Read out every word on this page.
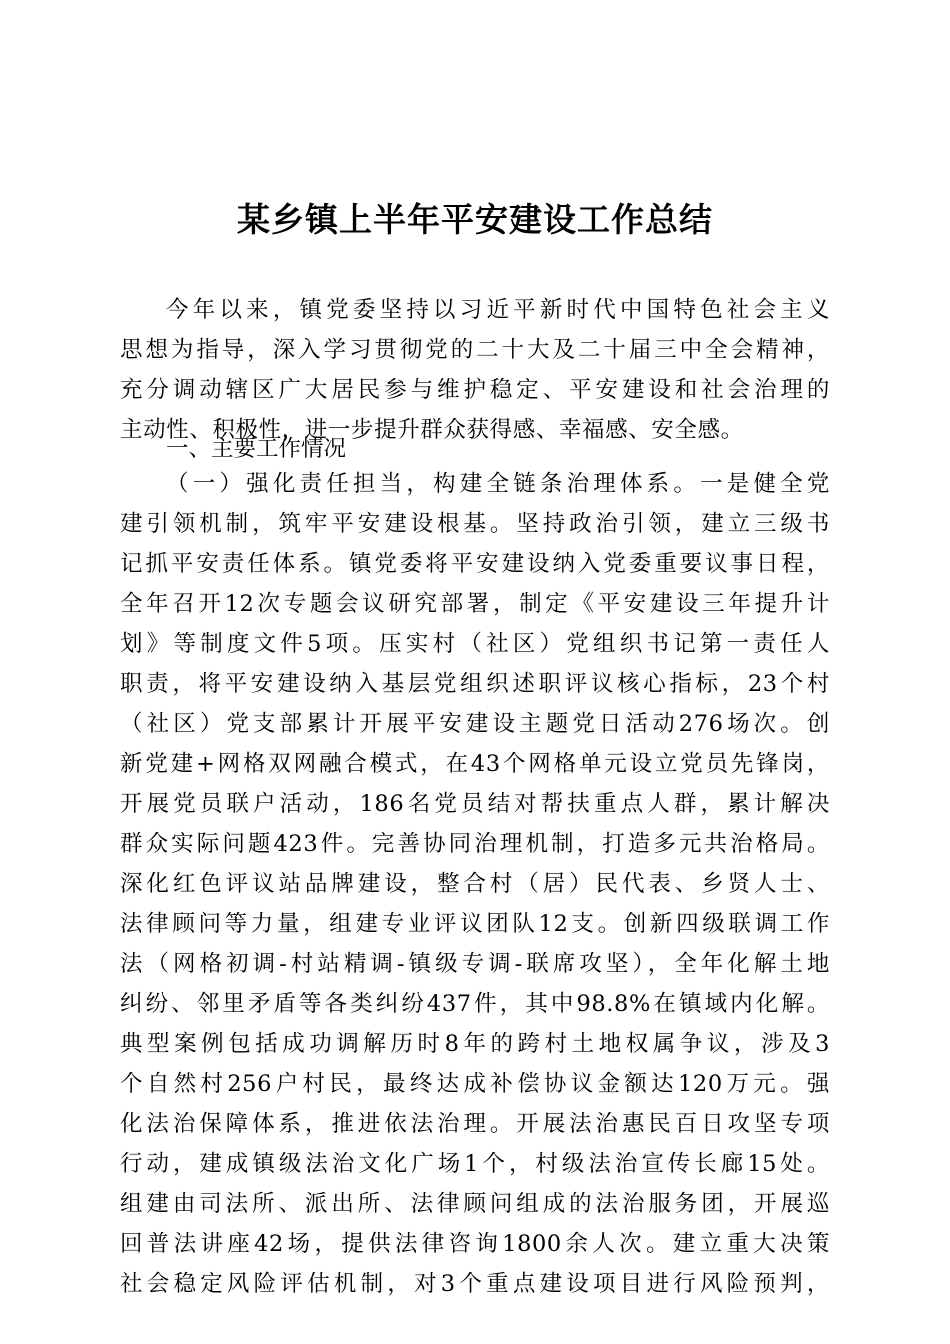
某乡镇上半年平安建设工作总结
今年以来，镇党委坚持以习近平新时代中国特色社会主义
思想为指导，深入学习贯彻党的二十大及二十届三中全会精神，
充分调动辖区广大居民参与维护稳定、平安建设和社会治理的
主动性、积极性，进一步提升群众获得感、幸福感、安全感。
一、主要工作情况
（一）强化责任担当，构建全链条治理体系。一是健全党
建引领机制，筑牢平安建设根基。坚持政治引领，建立三级书
记抓平安责任体系。镇党委将平安建设纳入党委重要议事日程，
全年召开12次专题会议研究部署，制定《平安建设三年提升计
划》等制度文件5项。压实村（社区）党组织书记第一责任人
职责，将平安建设纳入基层党组织述职评议核心指标，23个村
（社区）党支部累计开展平安建设主题党日活动276场次。创
新党建+网格双网融合模式，在43个网格单元设立党员先锋岗，
开展党员联户活动，186名党员结对帮扶重点人群，累计解决
群众实际问题423件。完善协同治理机制，打造多元共治格局。
深化红色评议站品牌建设，整合村（居）民代表、乡贤人士、
法律顾问等力量，组建专业评议团队12支。创新四级联调工作
法（网格初调-村站精调-镇级专调-联席攻坚），全年化解土地
纠纷、邻里矛盾等各类纠纷437件，其中98.8%在镇域内化解。
典型案例包括成功调解历时8年的跨村土地权属争议，涉及3
个自然村256户村民，最终达成补偿协议金额达120万元。强
化法治保障体系，推进依法治理。开展法治惠民百日攻坚专项
行动，建成镇级法治文化广场1个，村级法治宣传长廊15处。
组建由司法所、派出所、法律顾问组成的法治服务团，开展巡
回普法讲座42场，提供法律咨询1800余人次。建立重大决策
社会稳定风险评估机制，对3个重点建设项目进行风险预判，
